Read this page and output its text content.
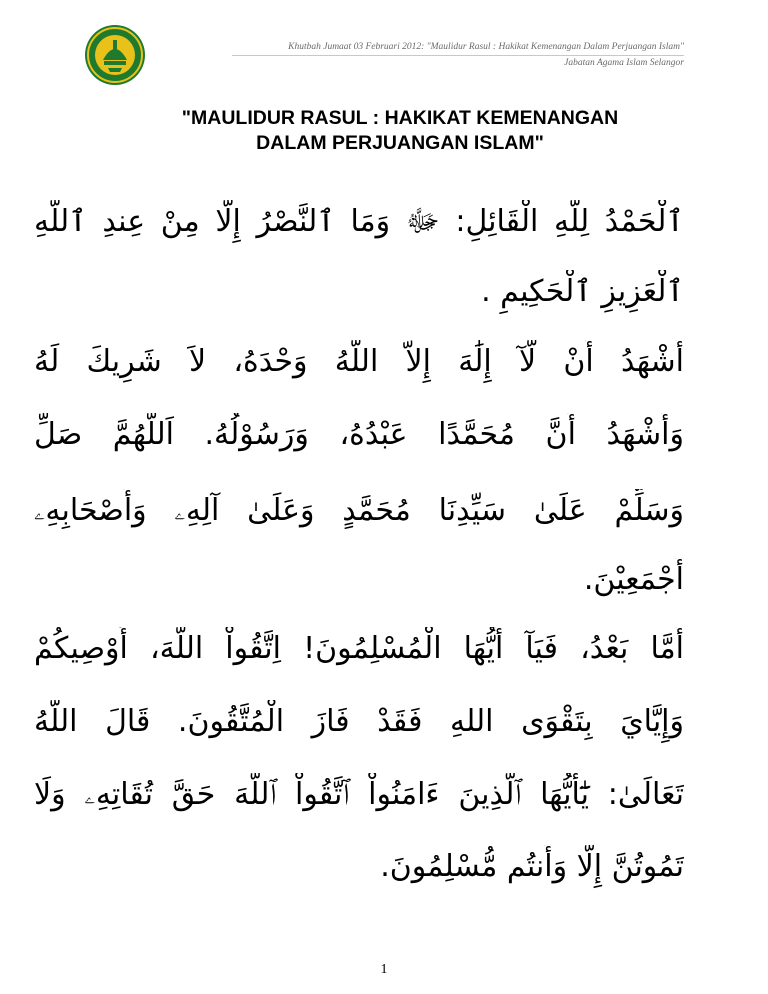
Khutbah Jumaat 03 Februari 2012: "Maulidur Rasul : Hakikat Kemenangan Dalam Perjuangan Islam"
Jabatan Agama Islam Selangor
"MAULIDUR RASUL : HAKIKAT KEMENANGAN
DALAM PERJUANGAN ISLAM"
ٱلْحَمْدُ لِلَّهِ الْقَائِلِ: ﷻ وَمَا ٱلنَّصْرُ إِلَّا مِنْ عِندِ ٱللَّهِ
ٱلْعَزِيزِ ٱلْحَكِيمِ .
أَشْهَدُ أَنْ لَّآ إِلَٰهَ إِلاَّ اللَّهُ وَحْدَهُ، لاَ شَرِيكَ لَهُ
وَأَشْهَدُ أَنَّ مُحَمَّدًا عَبْدُهُ، وَرَسُوْلُهُ. اَللَّهُمَّ صَلِّ
وَسَلِّمْ عَلَىٰ سَيِّدِنَا مُحَمَّدٍ وَعَلَىٰ آلِهِۦ وَأَصْحَابِهِۦ
أَجْمَعِيْنَ.
أَمَّا بَعْدُ، فَيَآ أَيُّهَا الْمُسْلِمُونَ! اِتَّقُواْ اللَّهَ، أُوْصِيكُمْ
وَإِيَّايَ بِتَقْوَى اللهِ فَقَدْ فَازَ الْمُتَّقُونَ. قَالَ اللَّهُ
تَعَالَىٰ: يَٰٓأَيُّهَا ٱلَّذِينَ ءَامَنُواْ ٱتَّقُواْ ٱللَّهَ حَقَّ تُقَاتِهِۦ وَلَا
تَمُوتُنَّ إِلَّا وَأَنتُم مُّسْلِمُونَ.
1
